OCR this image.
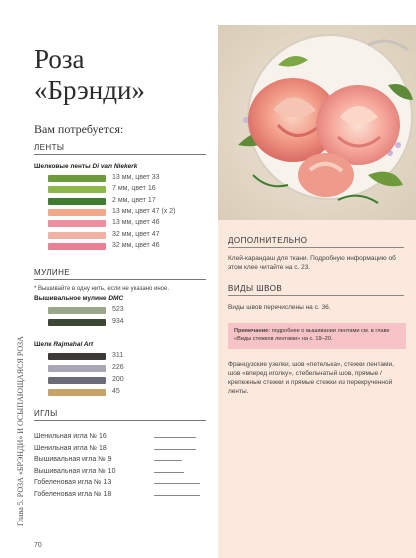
Глава 5. РОЗА «БРЭНДИ» И ОСЫПАЮЩАЯСЯ РОЗА
Роза
«Брэнди»
Вам потребуется:
ЛЕНТЫ
Шелковые ленты Di van Niekerk
13 мм, цвет 33
7 мм, цвет 16
2 мм, цвет 17
13 мм, цвет 47 (x 2)
13 мм, цвет 46
32 мм, цвет 47
32 мм, цвет 46
МУЛИНЕ
* Вышивайте в одну нить, если не указано иное.
Вышивальное мулине DMC
523
934
Шелк Rajmahal Art
311
226
200
45
ИГЛЫ
Шенильная игла № 16
Шенильная игла № 18
Вышивальная игла № 9
Вышивальная игла № 10
Гобеленовая игла № 13
Гобеленовая игла № 18
ДОПОЛНИТЕЛЬНО
Клей-карандаш для ткани. Подробную информацию об этом клее читайте на с. 23.
ВИДЫ ШВОВ
Виды швов перечислены на с. 36.
Примечание: подробнее о вышивании лентами см. в главе «Виды стежков лентами» на с. 19–20.
Французские узелки, шов «петелька», стежки лентами, шов «вперед иголку», стебельчатый шов, прямые / крепежные стежки и прямые стежки из перекрученной ленты.
70
